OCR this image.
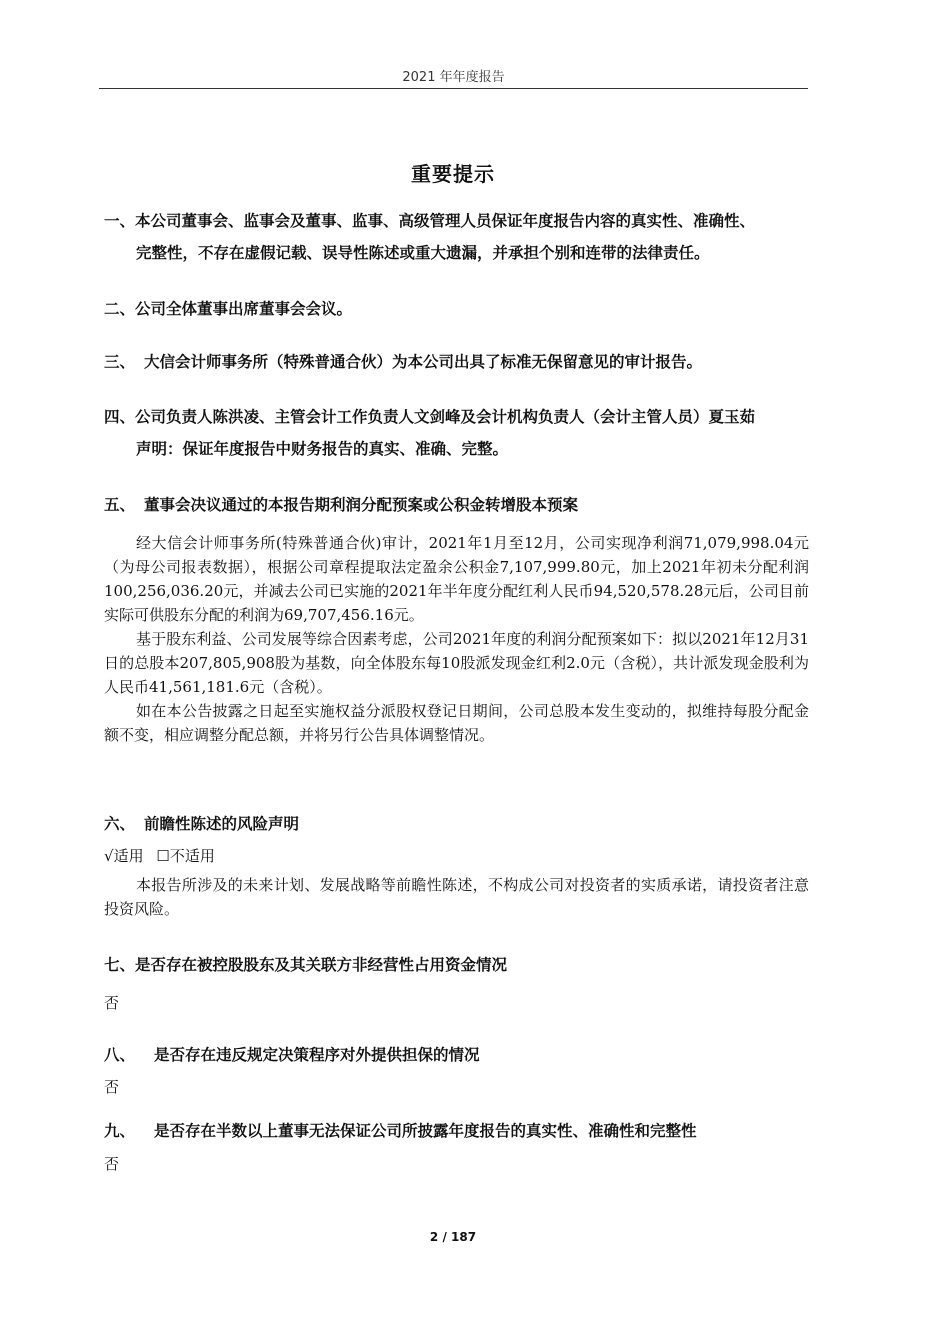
2021 年年度报告
重要提示
一、本公司董事会、监事会及董事、监事、高级管理人员保证年度报告内容的真实性、准确性、
完整性，不存在虚假记载、误导性陈述或重大遗漏，并承担个别和连带的法律责任。
二、公司全体董事出席董事会会议。
三、 大信会计师事务所（特殊普通合伙）为本公司出具了标准无保留意见的审计报告。
四、公司负责人陈洪凌、主管会计工作负责人文剑峰及会计机构负责人（会计主管人员）夏玉茹
声明：保证年度报告中财务报告的真实、准确、完整。
五、 董事会决议通过的本报告期利润分配预案或公积金转增股本预案
经大信会计师事务所(特殊普通合伙)审计，2021年1月至12月，公司实现净利润71,079,998.04元（为母公司报表数据），根据公司章程提取法定盈余公积金7,107,999.80元，加上2021年初未分配利润100,256,036.20元，并减去公司已实施的2021年半年度分配红利人民币94,520,578.28元后，公司目前实际可供股东分配的利润为69,707,456.16元。
基于股东利益、公司发展等综合因素考虑，公司2021年度的利润分配预案如下：拟以2021年12月31日的总股本207,805,908股为基数，向全体股东每10股派发现金红利2.0元（含税），共计派发现金股利为人民币41,561,181.6元（含税）。
如在本公告披露之日起至实施权益分派股权登记日期间，公司总股本发生变动的，拟维持每股分配金额不变，相应调整分配总额，并将另行公告具体调整情况。
六、 前瞻性陈述的风险声明
√适用 ☐不适用
本报告所涉及的未来计划、发展战略等前瞻性陈述，不构成公司对投资者的实质承诺，请投资者注意投资风险。
七、是否存在被控股股东及其关联方非经营性占用资金情况
否
八、 是否存在违反规定决策程序对外提供担保的情况
否
九、 是否存在半数以上董事无法保证公司所披露年度报告的真实性、准确性和完整性
否
2 / 187
